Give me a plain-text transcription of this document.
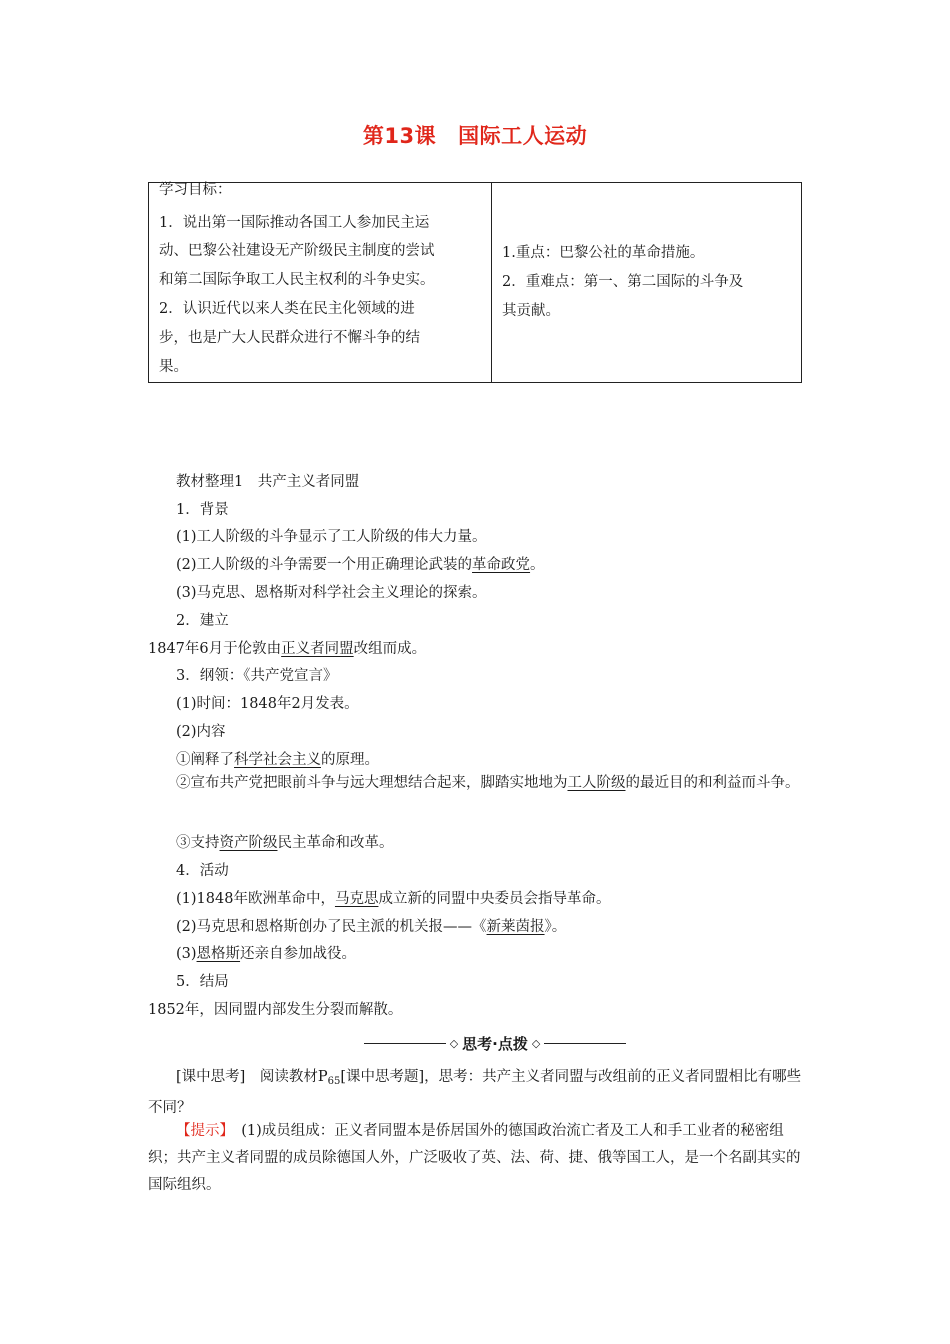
第13课 国际工人运动
学习目标：
1．说出第一国际推动各国工人参加民主运
动、巴黎公社建设无产阶级民主制度的尝试
和第二国际争取工人民主权利的斗争史实。
2．认识近代以来人类在民主化领域的进
步，也是广大人民群众进行不懈斗争的结
果。

1.重点：巴黎公社的革命措施。
2．重难点：第一、第二国际的斗争及
其贡献。
教材整理1　共产主义者同盟
1．背景
(1)工人阶级的斗争显示了工人阶级的伟大力量。
(2)工人阶级的斗争需要一个用正确理论武装的革命政党。
(3)马克思、恩格斯对科学社会主义理论的探索。
2．建立
1847年6月于伦敦由正义者同盟改组而成。
3．纲领：《共产党宣言》
(1)时间：1848年2月发表。
(2)内容
①阐释了科学社会主义的原理。
②宣布共产党把眼前斗争与远大理想结合起来，脚踏实地地为工人阶级的最近目的和利益而斗争。
③支持资产阶级民主革命和改革。
4．活动
(1)1848年欧洲革命中，马克思成立新的同盟中央委员会指导革命。
(2)马克思和恩格斯创办了民主派的机关报——《新莱茵报》。
(3)恩格斯还亲自参加战役。
5．结局
1852年，因同盟内部发生分裂而解散。
◇ 思考·点拨 ◇
[课中思考]　阅读教材$P_{65}$[课中思考题]，思考：共产主义者同盟与改组前的正义者同盟相比有哪些不同？
【提示】　(1)成员组成：正义者同盟本是侨居国外的德国政治流亡者及工人和手工业者的秘密组织；共产主义者同盟的成员除德国人外，广泛吸收了英、法、荷、捷、俄等国工人，是一个名副其实的国际组织。
